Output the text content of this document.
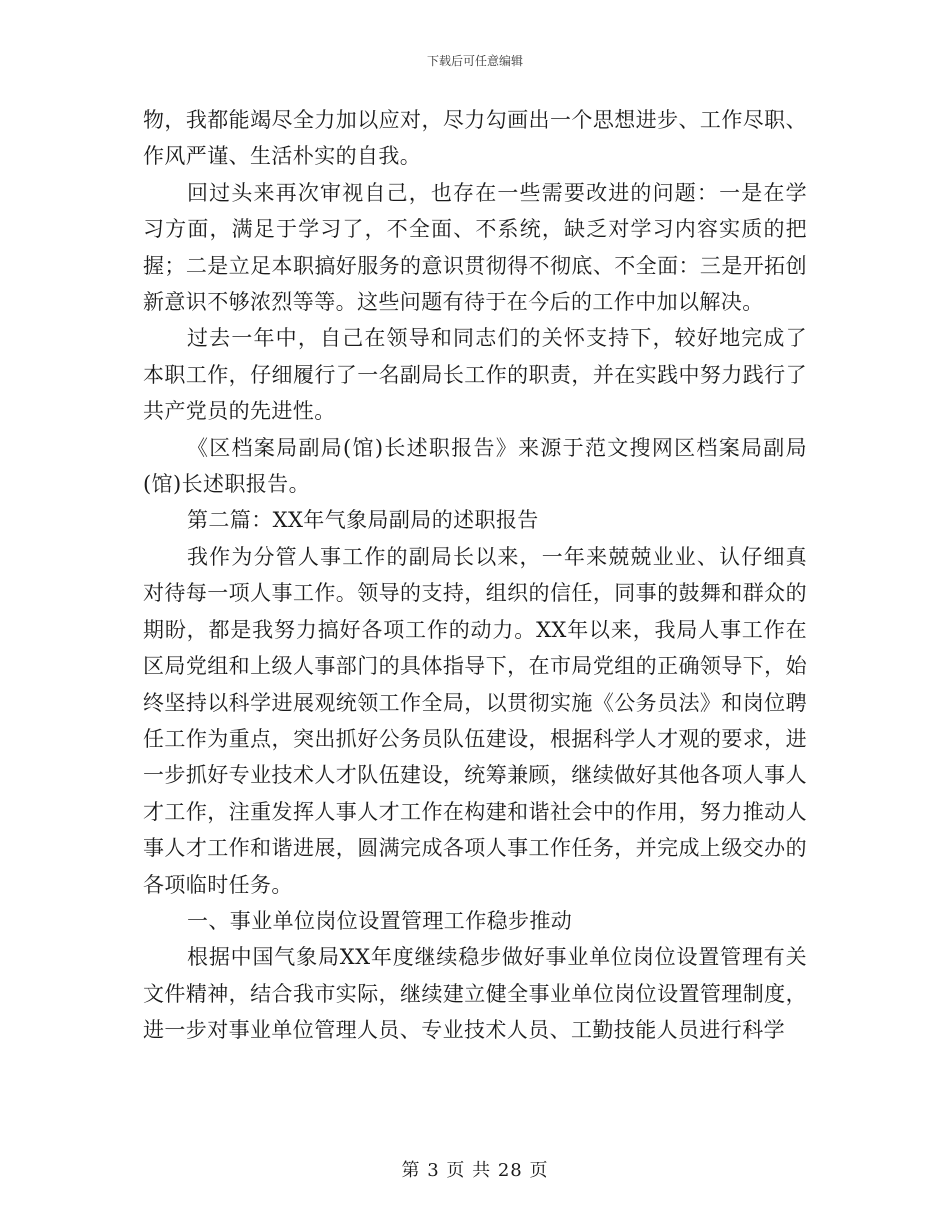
下载后可任意编辑

物，我都能竭尽全力加以应对，尽力勾画出一个思想进步、工作尽职、作风严谨、生活朴实的自我。

回过头来再次审视自己，也存在一些需要改进的问题：一是在学习方面，满足于学习了，不全面、不系统，缺乏对学习内容实质的把握；二是立足本职搞好服务的意识贯彻得不彻底、不全面：三是开拓创新意识不够浓烈等等。这些问题有待于在今后的工作中加以解决。

过去一年中，自己在领导和同志们的关怀支持下，较好地完成了本职工作，仔细履行了一名副局长工作的职责，并在实践中努力践行了共产党员的先进性。

《区档案局副局(馆)长述职报告》来源于范文搜网区档案局副局(馆)长述职报告。

第二篇：XX年气象局副局的述职报告

我作为分管人事工作的副局长以来，一年来兢兢业业、认仔细真对待每一项人事工作。领导的支持，组织的信任，同事的鼓舞和群众的期盼，都是我努力搞好各项工作的动力。XX年以来，我局人事工作在区局党组和上级人事部门的具体指导下，在市局党组的正确领导下，始终坚持以科学进展观统领工作全局，以贯彻实施《公务员法》和岗位聘任工作为重点，突出抓好公务员队伍建设，根据科学人才观的要求，进一步抓好专业技术人才队伍建设，统筹兼顾，继续做好其他各项人事人才工作，注重发挥人事人才工作在构建和谐社会中的作用，努力推动人事人才工作和谐进展，圆满完成各项人事工作任务，并完成上级交办的各项临时任务。

一、事业单位岗位设置管理工作稳步推动

根据中国气象局XX年度继续稳步做好事业单位岗位设置管理有关文件精神，结合我市实际，继续建立健全事业单位岗位设置管理制度，进一步对事业单位管理人员、专业技术人员、工勤技能人员进行科学

第 3 页 共 28 页
